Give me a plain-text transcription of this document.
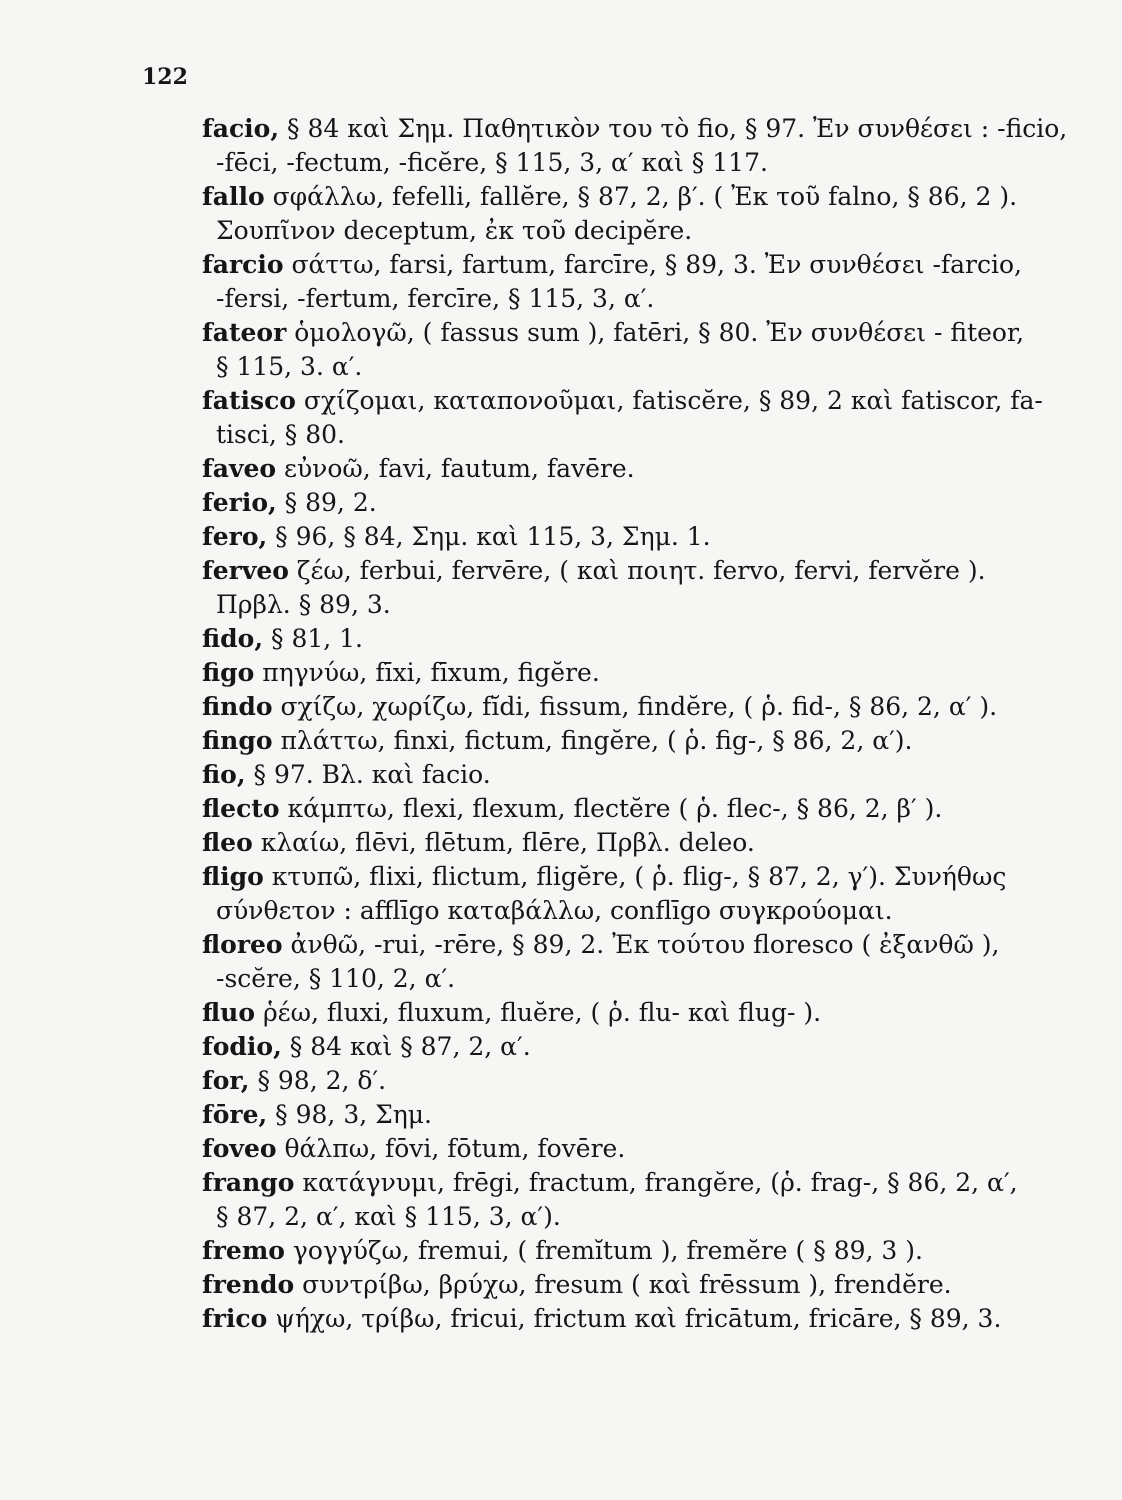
122
facio, § 84 καὶ Σημ. Παθητικὸν του τὸ fio, § 97. Ἐν συνθέσει : -ficio,
-fēci, -fectum, -ficĕre, § 115, 3, α′ καὶ § 117.
fallo σφάλλω, fefelli, fallĕre, § 87, 2, β′. ( Ἐκ τοῦ falno, § 86, 2 ).
Σουπῖνον deceptum, ἐκ τοῦ decipĕre.
farcio σάττω, farsi, fartum, farcīre, § 89, 3. Ἐν συνθέσει -farcio,
-fersi, -fertum, fercīre, § 115, 3, α′.
fateor ὁμολογῶ, ( fassus sum ), fatēri, § 80. Ἐν συνθέσει - fiteor,
§ 115, 3. α′.
fatisco σχίζομαι, καταπονοῦμαι, fatiscĕre, § 89, 2 καὶ fatiscor, fa-
tisci, § 80.
faveo εὐνοῶ, favi, fautum, favēre.
ferio, § 89, 2.
fero, § 96, § 84, Σημ. καὶ 115, 3, Σημ. 1.
ferveo ζέω, ferbui, fervēre, ( καὶ ποιητ. fervo, fervi, fervĕre ).
Πρβλ. § 89, 3.
fido, § 81, 1.
figo πηγνύω, fīxi, fīxum, figĕre.
findo σχίζω, χωρίζω, fĭdi, fissum, findĕre, ( ῥ. fid-, § 86, 2, α′ ).
fingo πλάττω, finxi, fictum, fingĕre, ( ῥ. fig-, § 86, 2, α′).
fio, § 97. Βλ. καὶ facio.
flecto κάμπτω, flexi, flexum, flectĕre ( ῥ. flec-, § 86, 2, β′ ).
fleo κλαίω, flēvi, flētum, flēre, Πρβλ. deleo.
fligo κτυπῶ, flixi, flictum, fligĕre, ( ῥ. flig-, § 87, 2, γ′). Συνήθως
σύνθετον : afflīgo καταβάλλω, conflīgo συγκρούομαι.
floreo ἀνθῶ, -rui, -rēre, § 89, 2. Ἐκ τούτου floresco ( ἐξανθῶ ),
-scĕre, § 110, 2, α′.
fluo ῥέω, fluxi, fluxum, fluĕre, ( ῥ. flu- καὶ flug- ).
fodio, § 84 καὶ § 87, 2, α′.
for, § 98, 2, δ′.
fōre, § 98, 3, Σημ.
foveo θάλπω, fōvi, fōtum, fovēre.
frango κατάγνυμι, frēgi, fractum, frangĕre, (ῥ. frag-, § 86, 2, α′,
§ 87, 2, α′, καὶ § 115, 3, α′).
fremo γογγύζω, fremui, ( fremĭtum ), fremĕre ( § 89, 3 ).
frendo συντρίβω, βρύχω, fresum ( καὶ frēssum ), frendĕre.
frico ψήχω, τρίβω, fricui, frictum καὶ fricātum, fricāre, § 89, 3.
